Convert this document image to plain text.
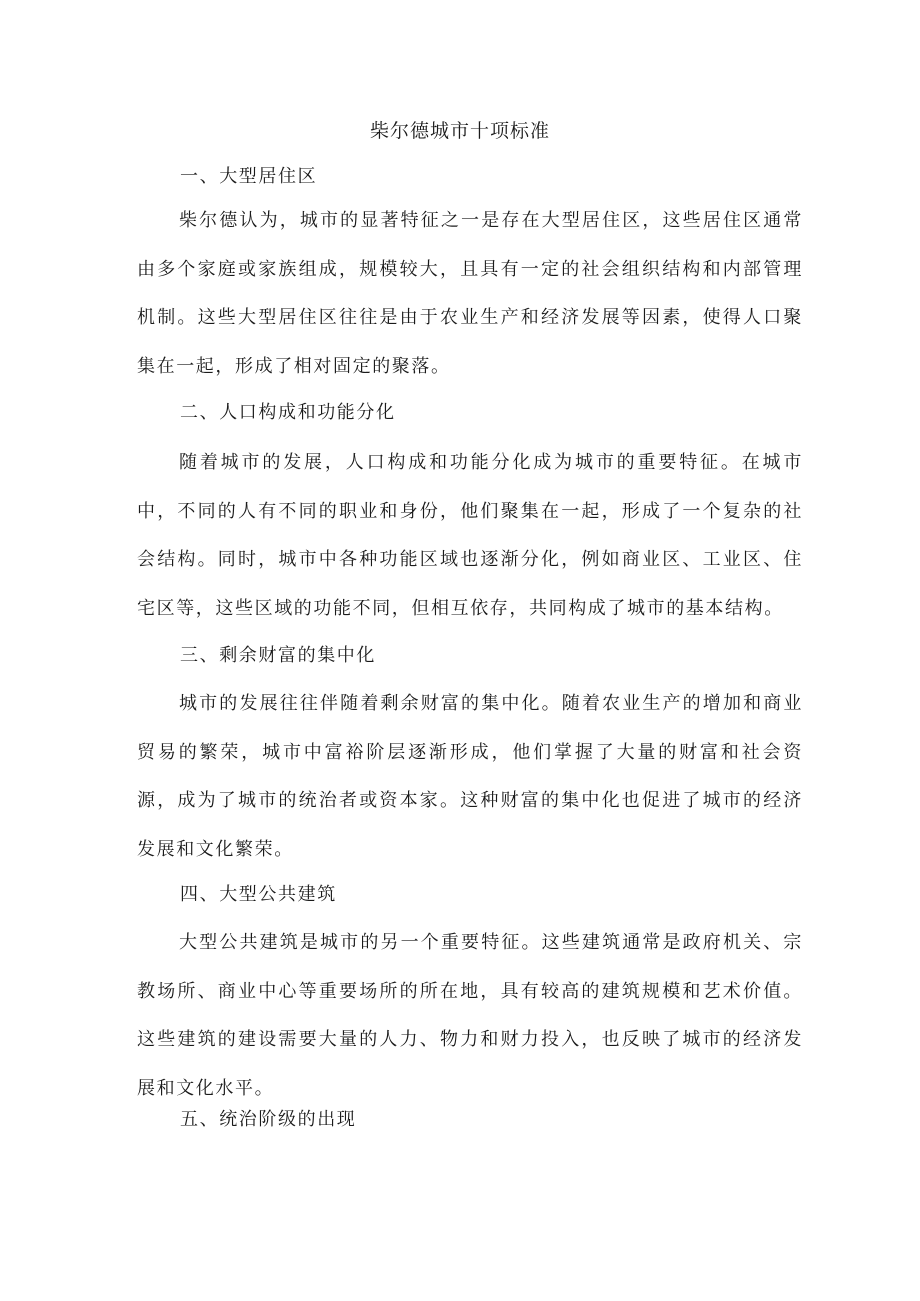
柴尔德城市十项标准
一、大型居住区

柴尔德认为，城市的显著特征之一是存在大型居住区，这些居住区通常由多个家庭或家族组成，规模较大，且具有一定的社会组织结构和内部管理机制。这些大型居住区往往是由于农业生产和经济发展等因素，使得人口聚集在一起，形成了相对固定的聚落。

二、人口构成和功能分化

随着城市的发展，人口构成和功能分化成为城市的重要特征。在城市中，不同的人有不同的职业和身份，他们聚集在一起，形成了一个复杂的社会结构。同时，城市中各种功能区域也逐渐分化，例如商业区、工业区、住宅区等，这些区域的功能不同，但相互依存，共同构成了城市的基本结构。

三、剩余财富的集中化

城市的发展往往伴随着剩余财富的集中化。随着农业生产的增加和商业贸易的繁荣，城市中富裕阶层逐渐形成，他们掌握了大量的财富和社会资源，成为了城市的统治者或资本家。这种财富的集中化也促进了城市的经济发展和文化繁荣。

四、大型公共建筑

大型公共建筑是城市的另一个重要特征。这些建筑通常是政府机关、宗教场所、商业中心等重要场所的所在地，具有较高的建筑规模和艺术价值。这些建筑的建设需要大量的人力、物力和财力投入，也反映了城市的经济发展和文化水平。

五、统治阶级的出现
